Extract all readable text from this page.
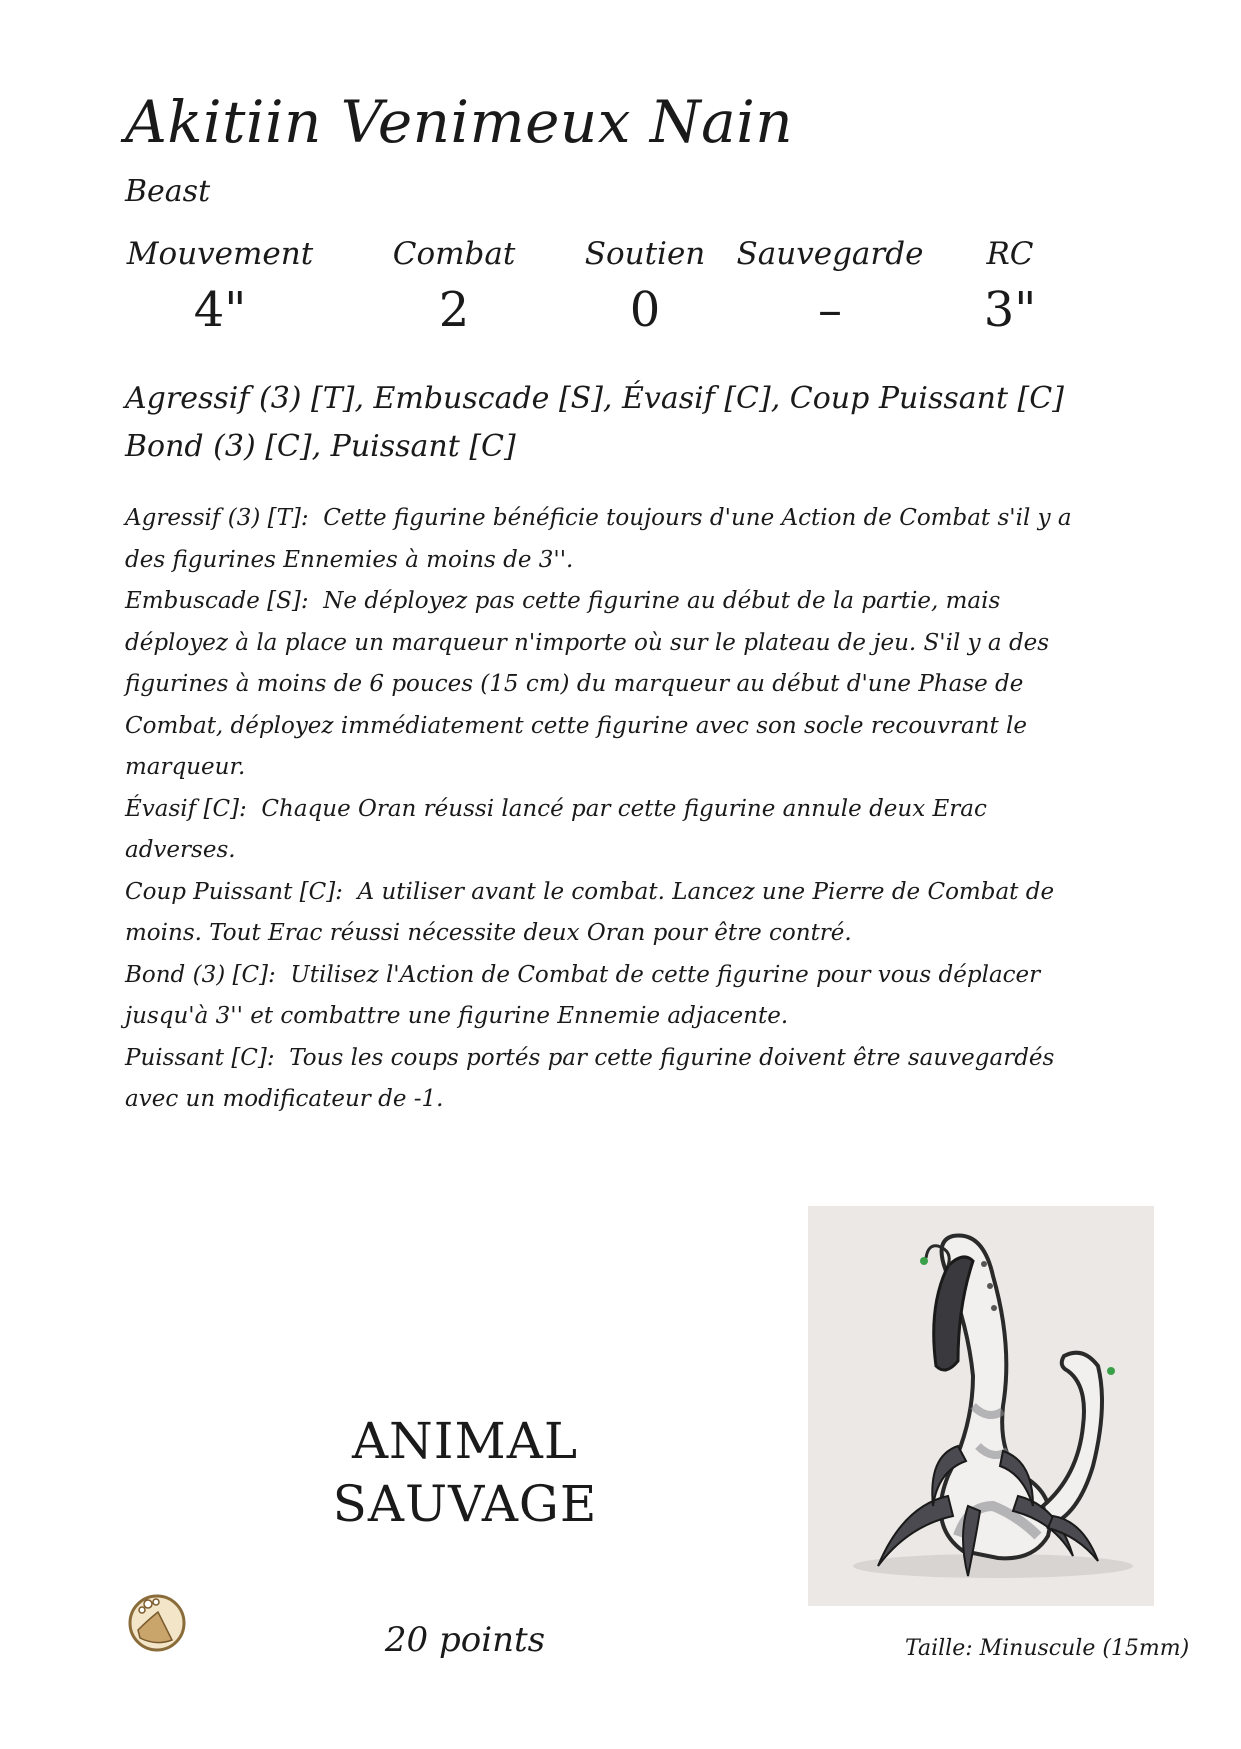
Akitiin Venimeux Nain
Beast
Mouvement
4"
Combat
2
Soutien
0
Sauvegarde
–
RC
3"
Agressif (3) [T], Embuscade [S], Évasif [C], Coup Puissant [C]
Bond (3) [C], Puissant [C]
Agressif (3) [T]: Cette figurine bénéficie toujours d'une Action de Combat s'il y a des figurines Ennemies à moins de 3''.
Embuscade [S]: Ne déployez pas cette figurine au début de la partie, mais déployez à la place un marqueur n'importe où sur le plateau de jeu. S'il y a des figurines à moins de 6 pouces (15 cm) du marqueur au début d'une Phase de Combat, déployez immédiatement cette figurine avec son socle recouvrant le marqueur.
Évasif [C]: Chaque Oran réussi lancé par cette figurine annule deux Erac adverses.
Coup Puissant [C]: A utiliser avant le combat. Lancez une Pierre de Combat de moins. Tout Erac réussi nécessite deux Oran pour être contré.
Bond (3) [C]: Utilisez l'Action de Combat de cette figurine pour vous déplacer jusqu'à 3'' et combattre une figurine Ennemie adjacente.
Puissant [C]: Tous les coups portés par cette figurine doivent être sauvegardés avec un modificateur de -1.
ANIMAL
SAUVAGE
20 points	Taille: Minuscule (15mm)
